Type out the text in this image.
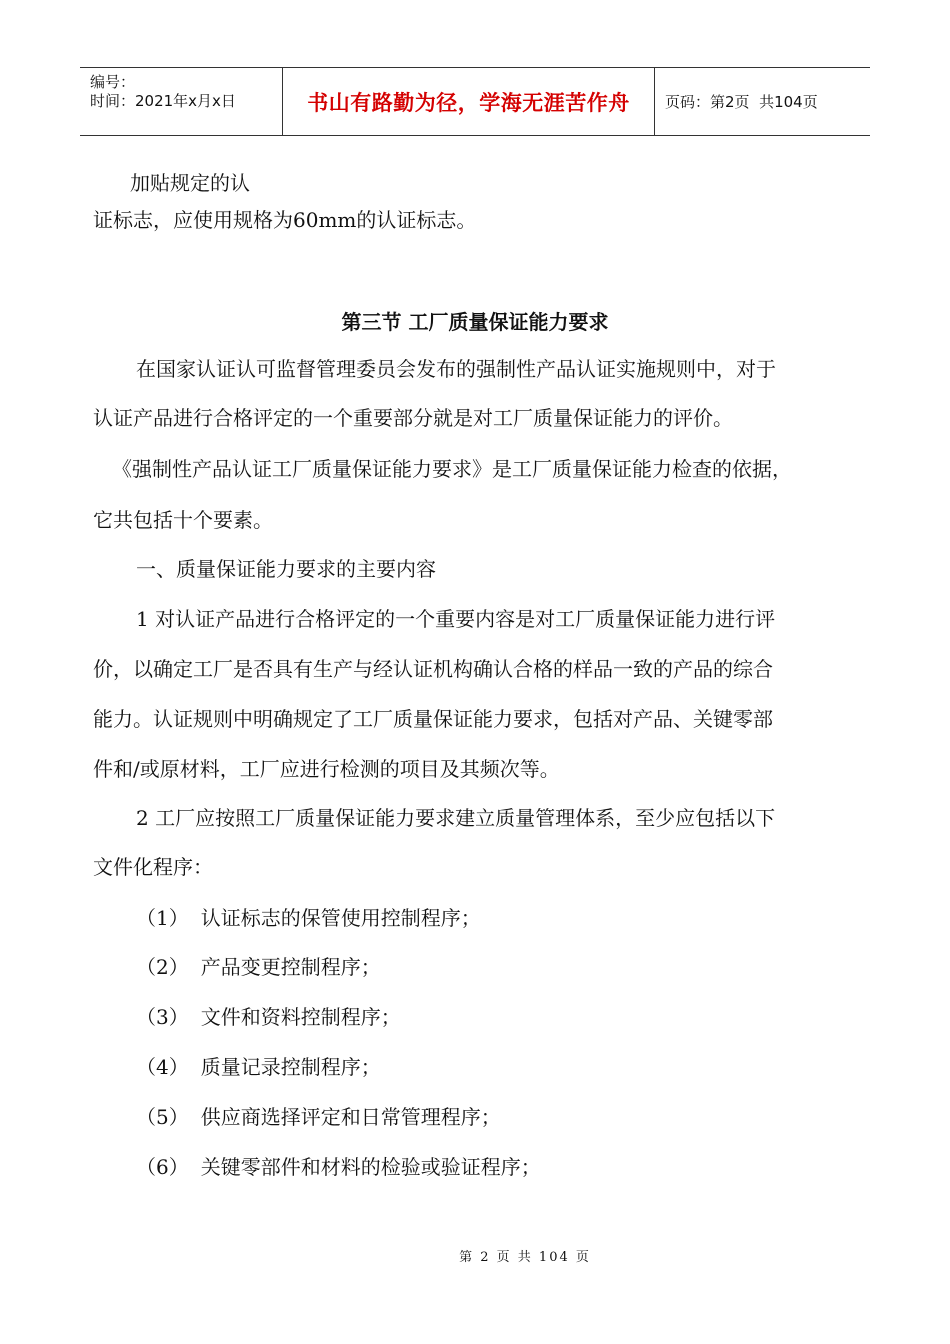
编号：
时间：2021年x月x日	书山有路勤为径，学海无涯苦作舟 页码：第2页  共104页
加贴规定的认
证标志，应使用规格为60mm的认证标志。
第三节 工厂质量保证能力要求
在国家认证认可监督管理委员会发布的强制性产品认证实施规则中，对于
认证产品进行合格评定的一个重要部分就是对工厂质量保证能力的评价。
《强制性产品认证工厂质量保证能力要求》是工厂质量保证能力检查的依据，
它共包括十个要素。
一、质量保证能力要求的主要内容
1 对认证产品进行合格评定的一个重要内容是对工厂质量保证能力进行评
价，以确定工厂是否具有生产与经认证机构确认合格的样品一致的产品的综合
能力。认证规则中明确规定了工厂质量保证能力要求，包括对产品、关键零部
件和/或原材料，工厂应进行检测的项目及其频次等。
2 工厂应按照工厂质量保证能力要求建立质量管理体系，至少应包括以下
文件化程序：
（1） 认证标志的保管使用控制程序；
（2） 产品变更控制程序；
（3） 文件和资料控制程序；
（4） 质量记录控制程序；
（5） 供应商选择评定和日常管理程序；
（6） 关键零部件和材料的检验或验证程序；
第 2 页 共 104 页
